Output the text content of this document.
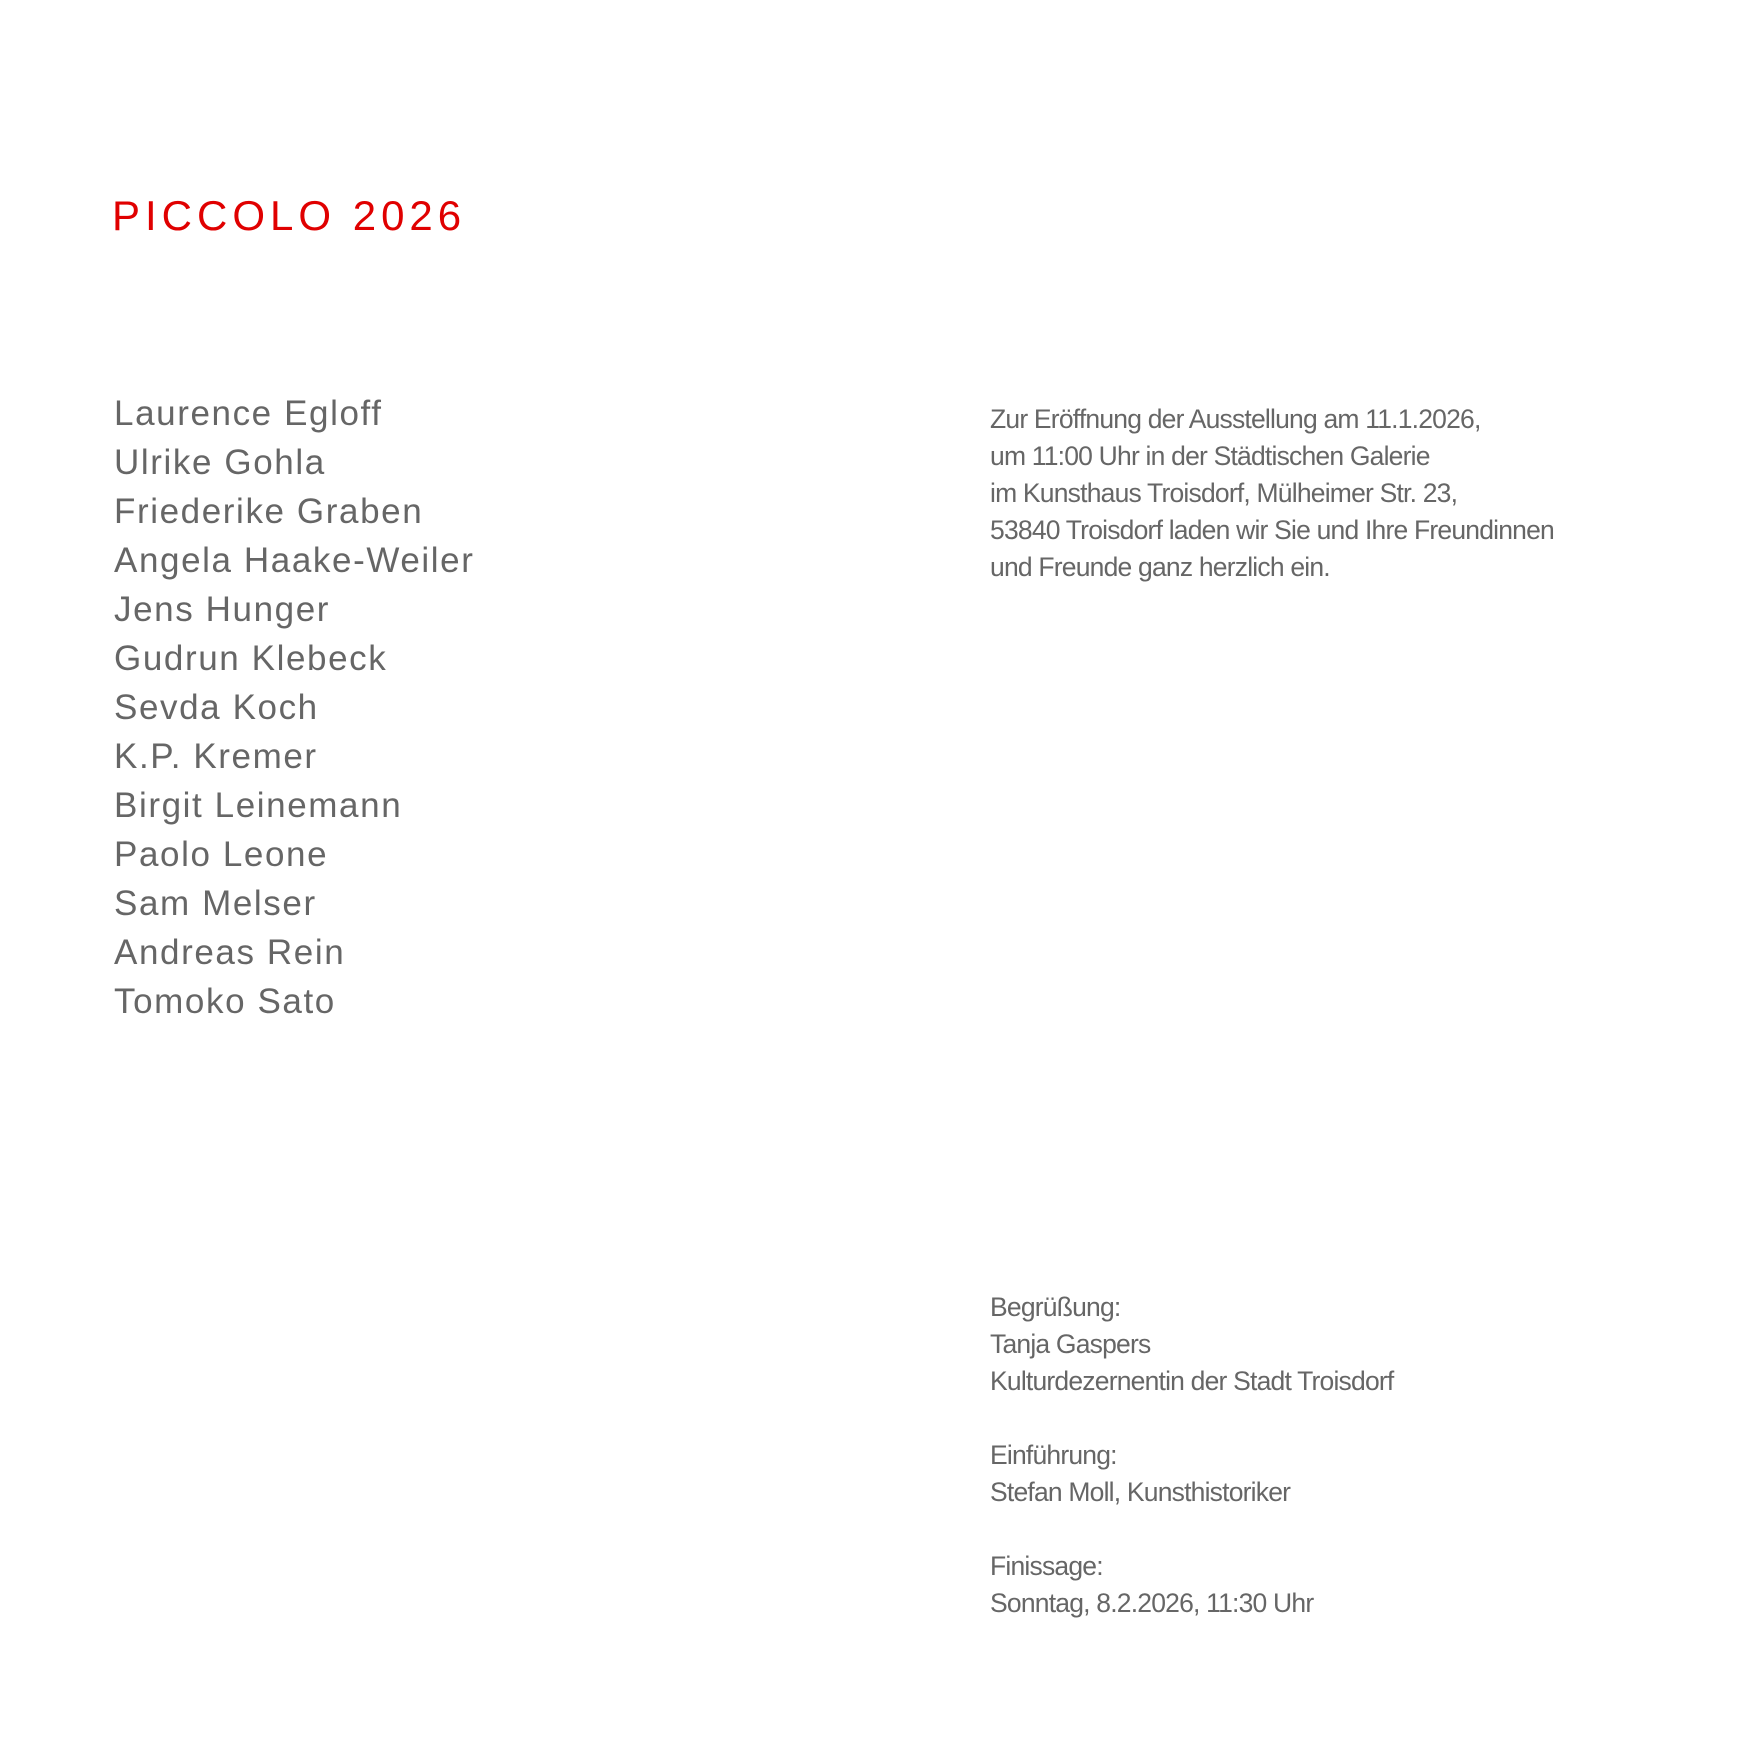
PICCOLO 2026
Laurence Egloff
Ulrike Gohla
Friederike Graben
Angela Haake-Weiler
Jens Hunger
Gudrun Klebeck
Sevda Koch
K.P. Kremer
Birgit Leinemann
Paolo Leone
Sam Melser
Andreas Rein
Tomoko Sato

Zur Eröffnung der Ausstellung am 11.1.2026,
um 11:00 Uhr in der Städtischen Galerie
im Kunsthaus Troisdorf, Mülheimer Str. 23,
53840 Troisdorf laden wir Sie und Ihre Freundinnen
und Freunde ganz herzlich ein.

Begrüßung:
Tanja Gaspers
Kulturdezernentin der Stadt Troisdorf
Einführung:
Stefan Moll, Kunsthistoriker
Finissage:
Sonntag, 8.2.2026, 11:30 Uhr
